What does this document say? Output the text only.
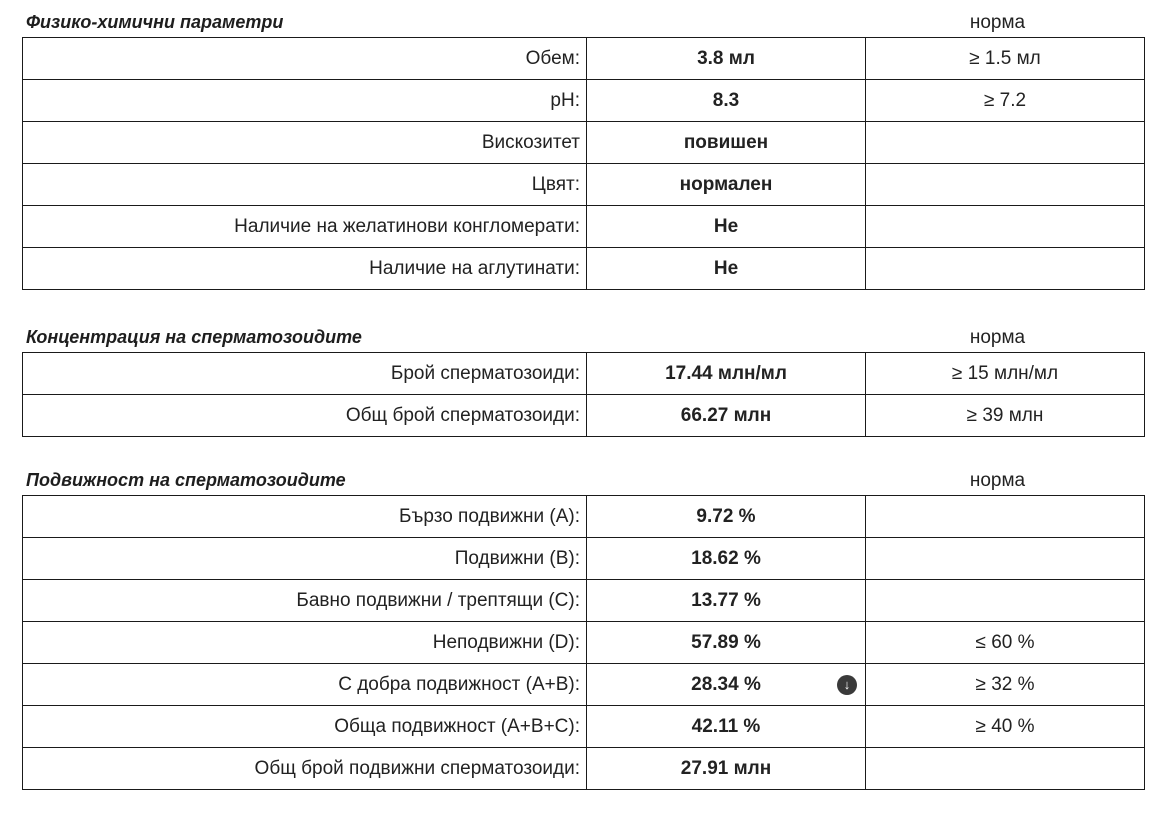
Физико-химични параметри	норма
Обем:	3.8 мл	≥ 1.5 мл
pH:	8.3	≥ 7.2
Вискозитет	повишен	
Цвят:	нормален	
Наличие на желатинови конгломерати:	Не	
Наличие на аглутинати:	Не	
Концентрация на сперматозоидите	норма
Брой сперматозоиди:	17.44 млн/мл	≥ 15 млн/мл
Общ брой сперматозоиди:	66.27 млн	≥ 39 млн
Подвижност на сперматозоидите	норма
Бързо подвижни (A):	9.72 %	
Подвижни (B):	18.62 %	
Бавно подвижни / трептящи (C):	13.77 %	
Неподвижни (D):	57.89 %	≤ 60 %
С добра подвижност (A+B):	28.34 % ↓	≥ 32 %
Обща подвижност (A+B+C):	42.11 %	≥ 40 %
Общ брой подвижни сперматозоиди:	27.91 млн	
